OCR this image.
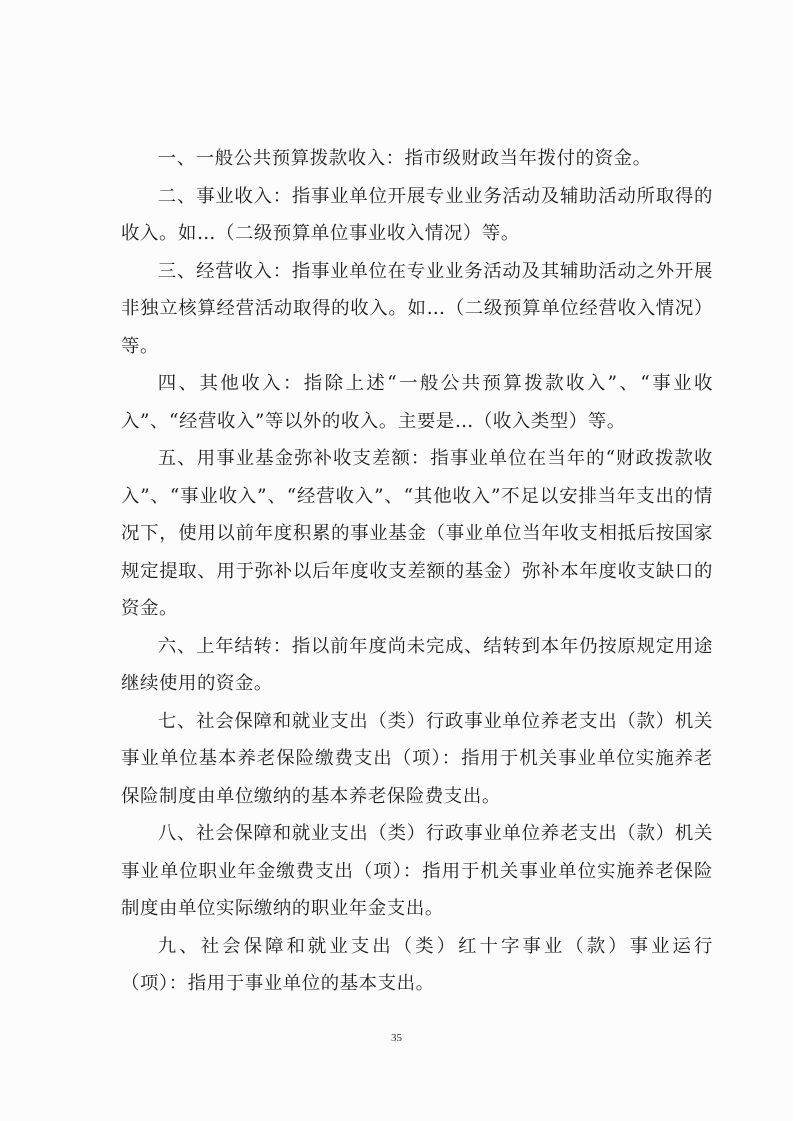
一、一般公共预算拨款收入：指市级财政当年拨付的资金。

二、事业收入：指事业单位开展专业业务活动及辅助活动所取得的收入。如…（二级预算单位事业收入情况）等。

三、经营收入：指事业单位在专业业务活动及其辅助活动之外开展非独立核算经营活动取得的收入。如…（二级预算单位经营收入情况）等。

四、其他收入：指除上述“一般公共预算拨款收入”、“事业收入”、“经营收入”等以外的收入。主要是…（收入类型）等。

五、用事业基金弥补收支差额：指事业单位在当年的“财政拨款收入”、“事业收入”、“经营收入”、“其他收入”不足以安排当年支出的情况下，使用以前年度积累的事业基金（事业单位当年收支相抵后按国家规定提取、用于弥补以后年度收支差额的基金）弥补本年度收支缺口的资金。

六、上年结转：指以前年度尚未完成、结转到本年仍按原规定用途继续使用的资金。

七、社会保障和就业支出（类）行政事业单位养老支出（款）机关事业单位基本养老保险缴费支出（项）：指用于机关事业单位实施养老保险制度由单位缴纳的基本养老保险费支出。

八、社会保障和就业支出（类）行政事业单位养老支出（款）机关事业单位职业年金缴费支出（项）：指用于机关事业单位实施养老保险制度由单位实际缴纳的职业年金支出。

九、社会保障和就业支出（类）红十字事业（款）事业运行（项）：指用于事业单位的基本支出。

35
